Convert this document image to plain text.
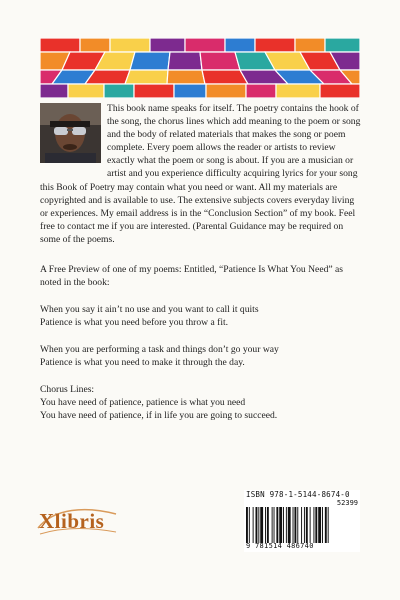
This book name speaks for itself. The poetry contains the hook of the song, the chorus lines which add meaning to the poem or song and the body of related materials that makes the song or poem complete. Every poem allows the reader or artists to review exactly what the poem or song is about. If you are a musician or artist and you experience difficulty acquiring lyrics for your song this Book of Poetry may contain what you need or want. All my materials are copyrighted and is available to use. The extensive subjects covers everyday living or experiences. My email address is in the “Conclusion Section” of my book. Feel free to contact me if you are interested. (Parental Guidance may be required on some of the poems.

A Free Preview of one of my poems: Entitled, “Patience Is What You Need” as noted in the book:

When you say it ain’t no use and you want to call it quits
Patience is what you need before you throw a fit.

When you are performing a task and things don’t go your way
Patience is what you need to make it through the day.

Chorus Lines:
You have need of patience, patience is what you need
You have need of patience, if in life you are going to succeed.

Xlibris
ISBN 978-1-5144-8674-0
52399
9 781514 486740
